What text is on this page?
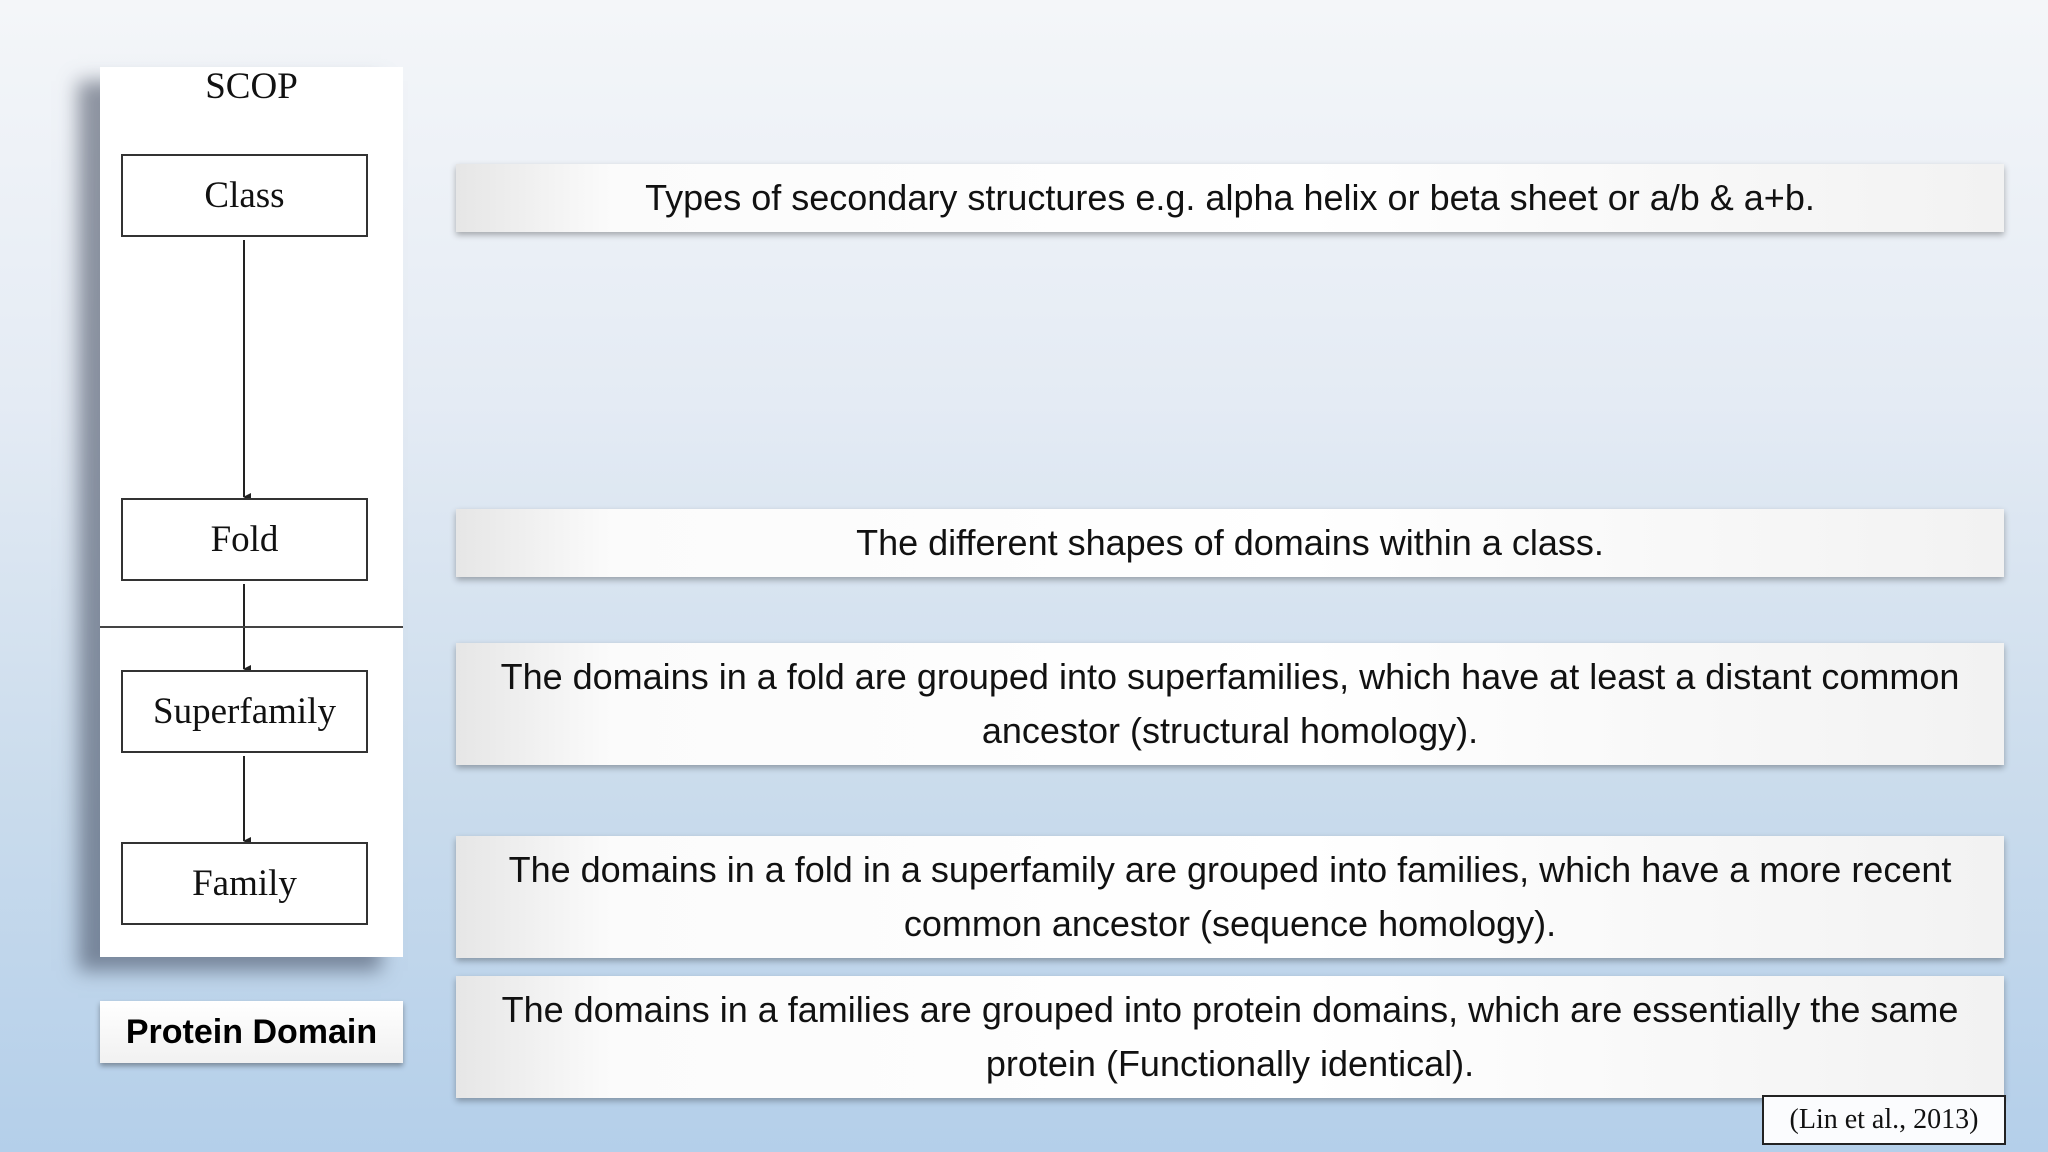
SCOP
Class
Fold
Superfamily
Family
Protein Domain
Types of secondary structures e.g. alpha helix or beta sheet or a/b & a+b.
The different shapes of domains within a class.
The domains in a fold are grouped into superfamilies, which have at least a distant common ancestor (structural homology).
The domains in a fold in a superfamily are grouped into families, which have a more recent common ancestor (sequence homology).
The domains in a families are grouped into protein domains, which are essentially the same protein (Functionally identical).
(Lin et al., 2013)
